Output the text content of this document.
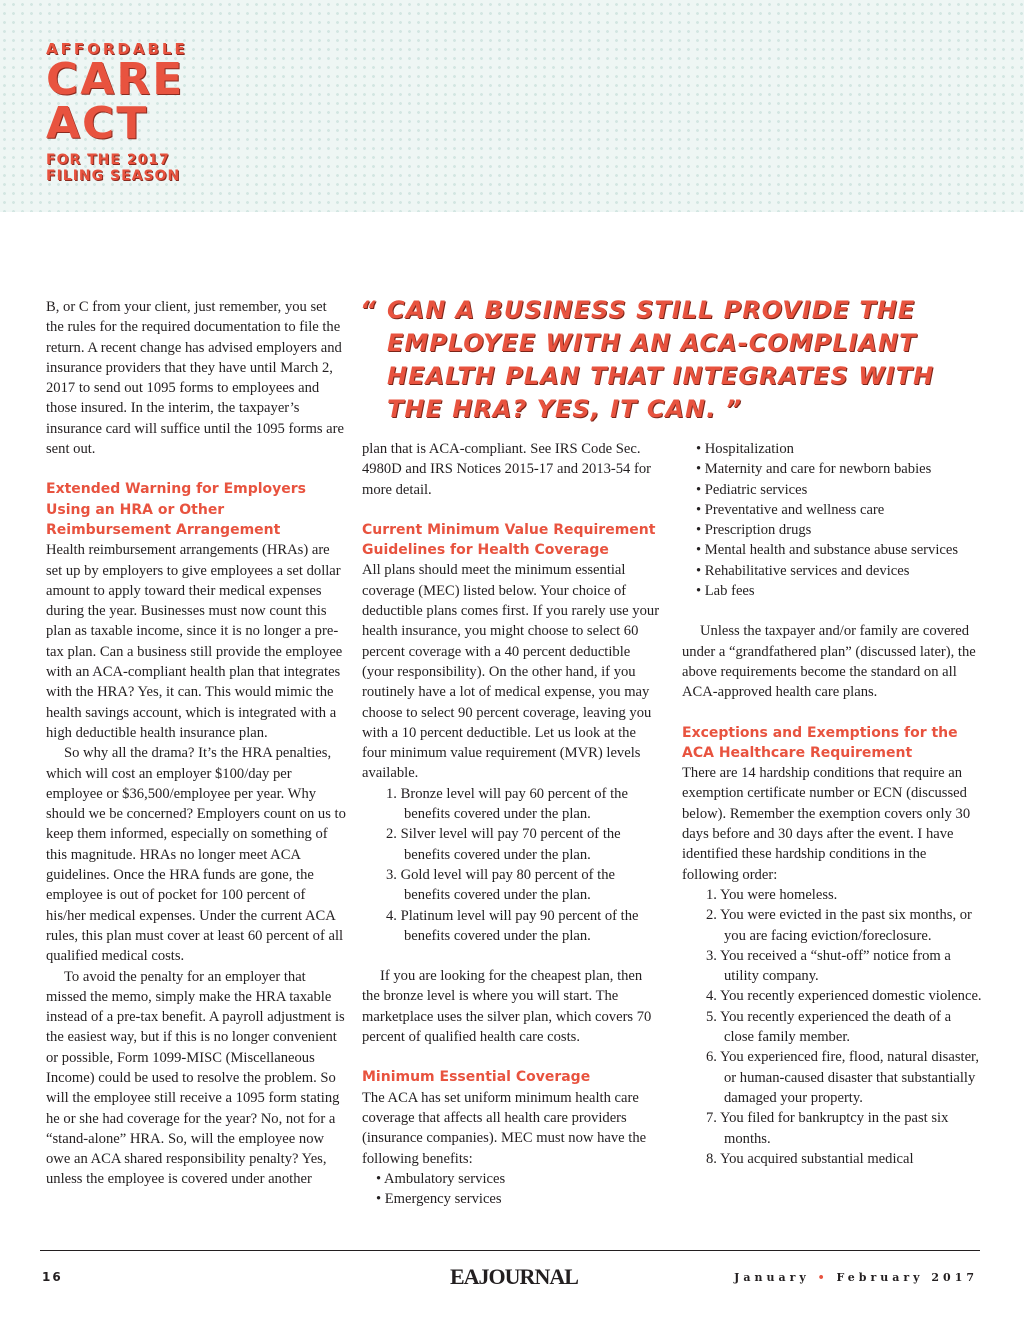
AFFORDABLE
CARE
ACT
FOR THE 2017
FILING SEASON
“ CAN A BUSINESS STILL PROVIDE THE EMPLOYEE WITH AN ACA-COMPLIANT HEALTH PLAN THAT INTEGRATES WITH THE HRA? YES, IT CAN. ”

B, or C from your client, just remember, you set the rules for the required documentation to file the return. A recent change has advised employers and insurance providers that they have until March 2, 2017 to send out 1095 forms to employees and those insured. In the interim, the taxpayer’s insurance card will suffice until the 1095 forms are sent out.

Extended Warning for Employers Using an HRA or Other Reimbursement Arrangement

Health reimbursement arrangements (HRAs) are set up by employers to give employees a set dollar amount to apply toward their medical expenses during the year. Businesses must now count this plan as taxable income, since it is no longer a pre-tax plan. Can a business still provide the employee with an ACA-compliant health plan that integrates with the HRA? Yes, it can. This would mimic the health savings account, which is integrated with a high deductible health insurance plan.

So why all the drama? It’s the HRA penalties, which will cost an employer $100/day per employee or $36,500/employee per year. Why should we be concerned? Employers count on us to keep them informed, especially on something of this magnitude. HRAs no longer meet ACA guidelines. Once the HRA funds are gone, the employee is out of pocket for 100 percent of his/her medical expenses. Under the current ACA rules, this plan must cover at least 60 percent of all qualified medical costs.

To avoid the penalty for an employer that missed the memo, simply make the HRA taxable instead of a pre-tax benefit. A payroll adjustment is the easiest way, but if this is no longer convenient or possible, Form 1099-MISC (Miscellaneous Income) could be used to resolve the problem. So will the employee still receive a 1095 form stating he or she had coverage for the year? No, not for a “stand-alone” HRA. So, will the employee now owe an ACA shared responsibility penalty? Yes, unless the employee is covered under another

plan that is ACA-compliant. See IRS Code Sec. 4980D and IRS Notices 2015-17 and 2013-54 for more detail.

Current Minimum Value Requirement Guidelines for Health Coverage

All plans should meet the minimum essential coverage (MEC) listed below. Your choice of deductible plans comes first. If you rarely use your health insurance, you might choose to select 60 percent coverage with a 40 percent deductible (your responsibility). On the other hand, if you routinely have a lot of medical expense, you may choose to select 90 percent coverage, leaving you with a 10 percent deductible. Let us look at the four minimum value requirement (MVR) levels available.

1. Bronze level will pay 60 percent of the benefits covered under the plan.
2. Silver level will pay 70 percent of the benefits covered under the plan.
3. Gold level will pay 80 percent of the benefits covered under the plan.
4. Platinum level will pay 90 percent of the benefits covered under the plan.

If you are looking for the cheapest plan, then the bronze level is where you will start. The marketplace uses the silver plan, which covers 70 percent of qualified health care costs.

Minimum Essential Coverage

The ACA has set uniform minimum health care coverage that affects all health care providers (insurance companies). MEC must now have the following benefits:

• Ambulatory services
• Emergency services
• Hospitalization
• Maternity and care for newborn babies
• Pediatric services
• Preventative and wellness care
• Prescription drugs
• Mental health and substance abuse services
• Rehabilitative services and devices
• Lab fees

Unless the taxpayer and/or family are covered under a “grandfathered plan” (discussed later), the above requirements become the standard on all ACA-approved health care plans.

Exceptions and Exemptions for the ACA Healthcare Requirement

There are 14 hardship conditions that require an exemption certificate number or ECN (discussed below). Remember the exemption covers only 30 days before and 30 days after the event. I have identified these hardship conditions in the following order:

1. You were homeless.
2. You were evicted in the past six months, or you are facing eviction/foreclosure.
3. You received a “shut-off” notice from a utility company.
4. You recently experienced domestic violence.
5. You recently experienced the death of a close family member.
6. You experienced fire, flood, natural disaster, or human-caused disaster that substantially damaged your property.
7. You filed for bankruptcy in the past six months.
8. You acquired substantial medical
16	EAJOURNAL	January • February 2017
